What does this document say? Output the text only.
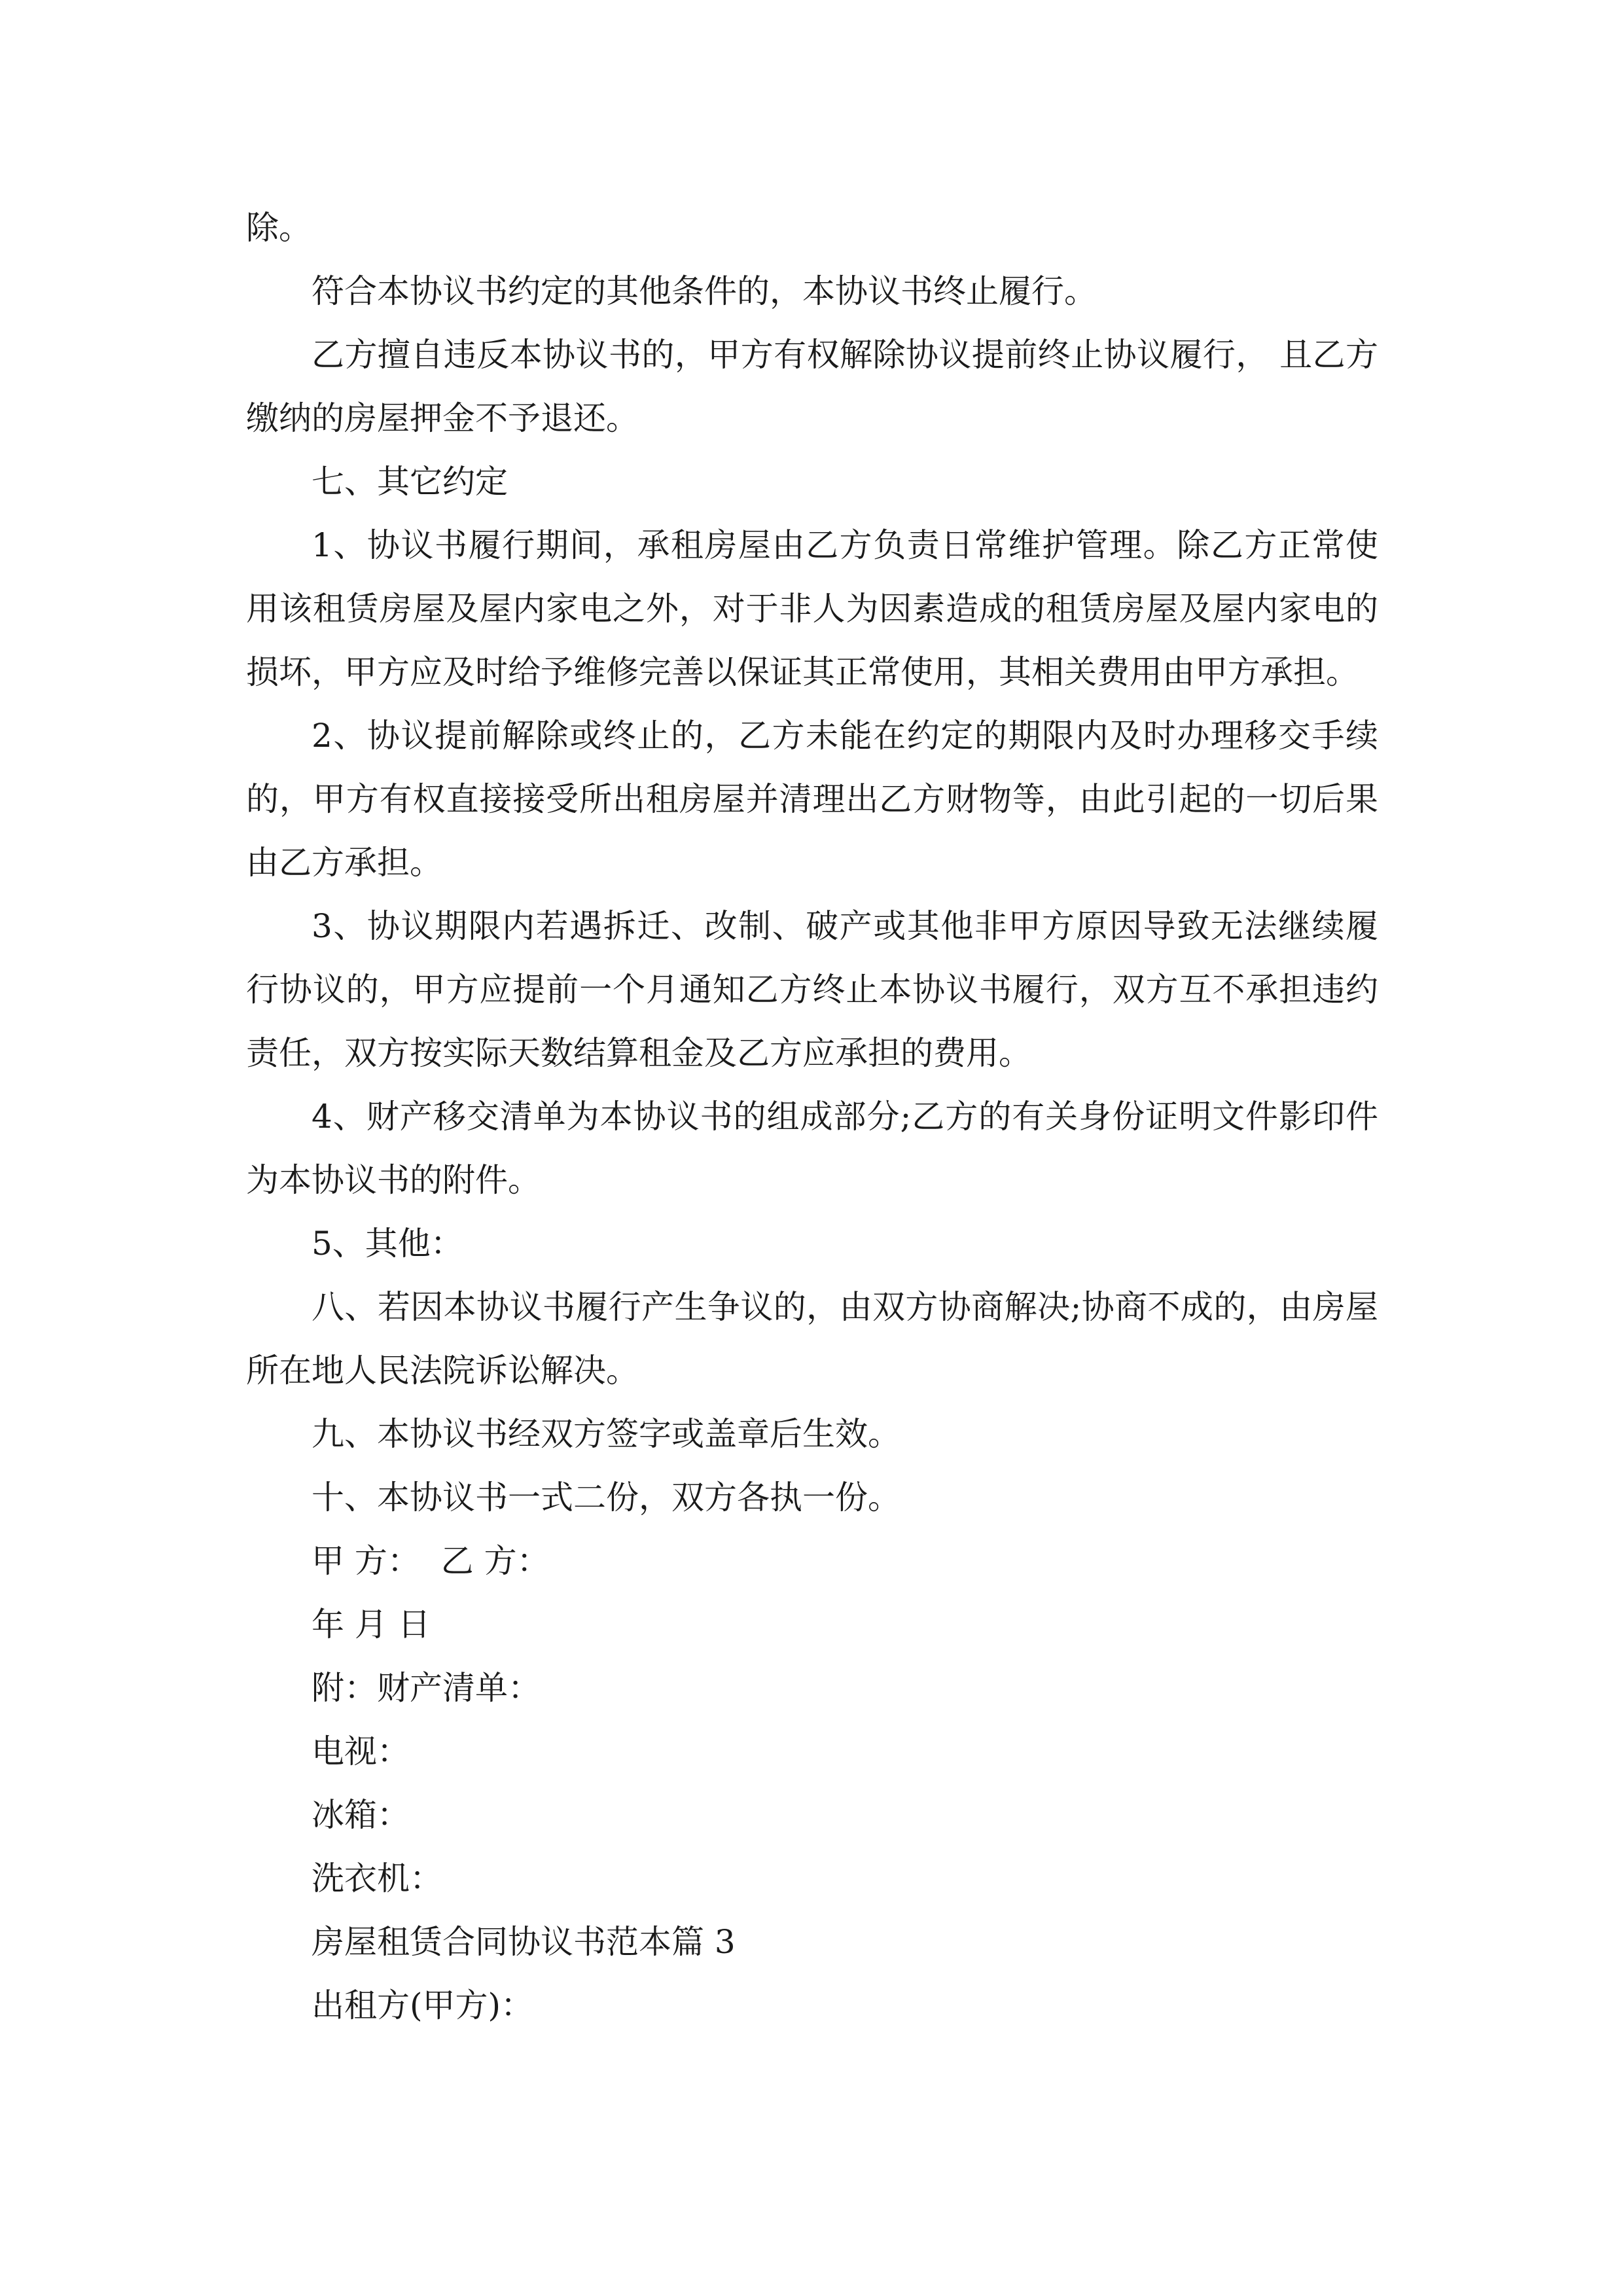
除。

符合本协议书约定的其他条件的，本协议书终止履行。

乙方擅自违反本协议书的，甲方有权解除协议提前终止协议履行， 且乙方缴纳的房屋押金不予退还。

七、其它约定

1、协议书履行期间，承租房屋由乙方负责日常维护管理。除乙方正常使用该租赁房屋及屋内家电之外，对于非人为因素造成的租赁房屋及屋内家电的损坏，甲方应及时给予维修完善以保证其正常使用，其相关费用由甲方承担。

2、协议提前解除或终止的，乙方未能在约定的期限内及时办理移交手续的，甲方有权直接接受所出租房屋并清理出乙方财物等，由此引起的一切后果由乙方承担。

3、协议期限内若遇拆迁、改制、破产或其他非甲方原因导致无法继续履行协议的，甲方应提前一个月通知乙方终止本协议书履行，双方互不承担违约责任，双方按实际天数结算租金及乙方应承担的费用。

4、财产移交清单为本协议书的组成部分;乙方的有关身份证明文件影印件为本协议书的附件。

5、其他：

八、若因本协议书履行产生争议的，由双方协商解决;协商不成的，由房屋所在地人民法院诉讼解决。

九、本协议书经双方签字或盖章后生效。

十、本协议书一式二份，双方各执一份。

甲 方：  乙 方：

年 月 日

附：财产清单：

电视：

冰箱：

洗衣机：

房屋租赁合同协议书范本篇 3

出租方(甲方)：
